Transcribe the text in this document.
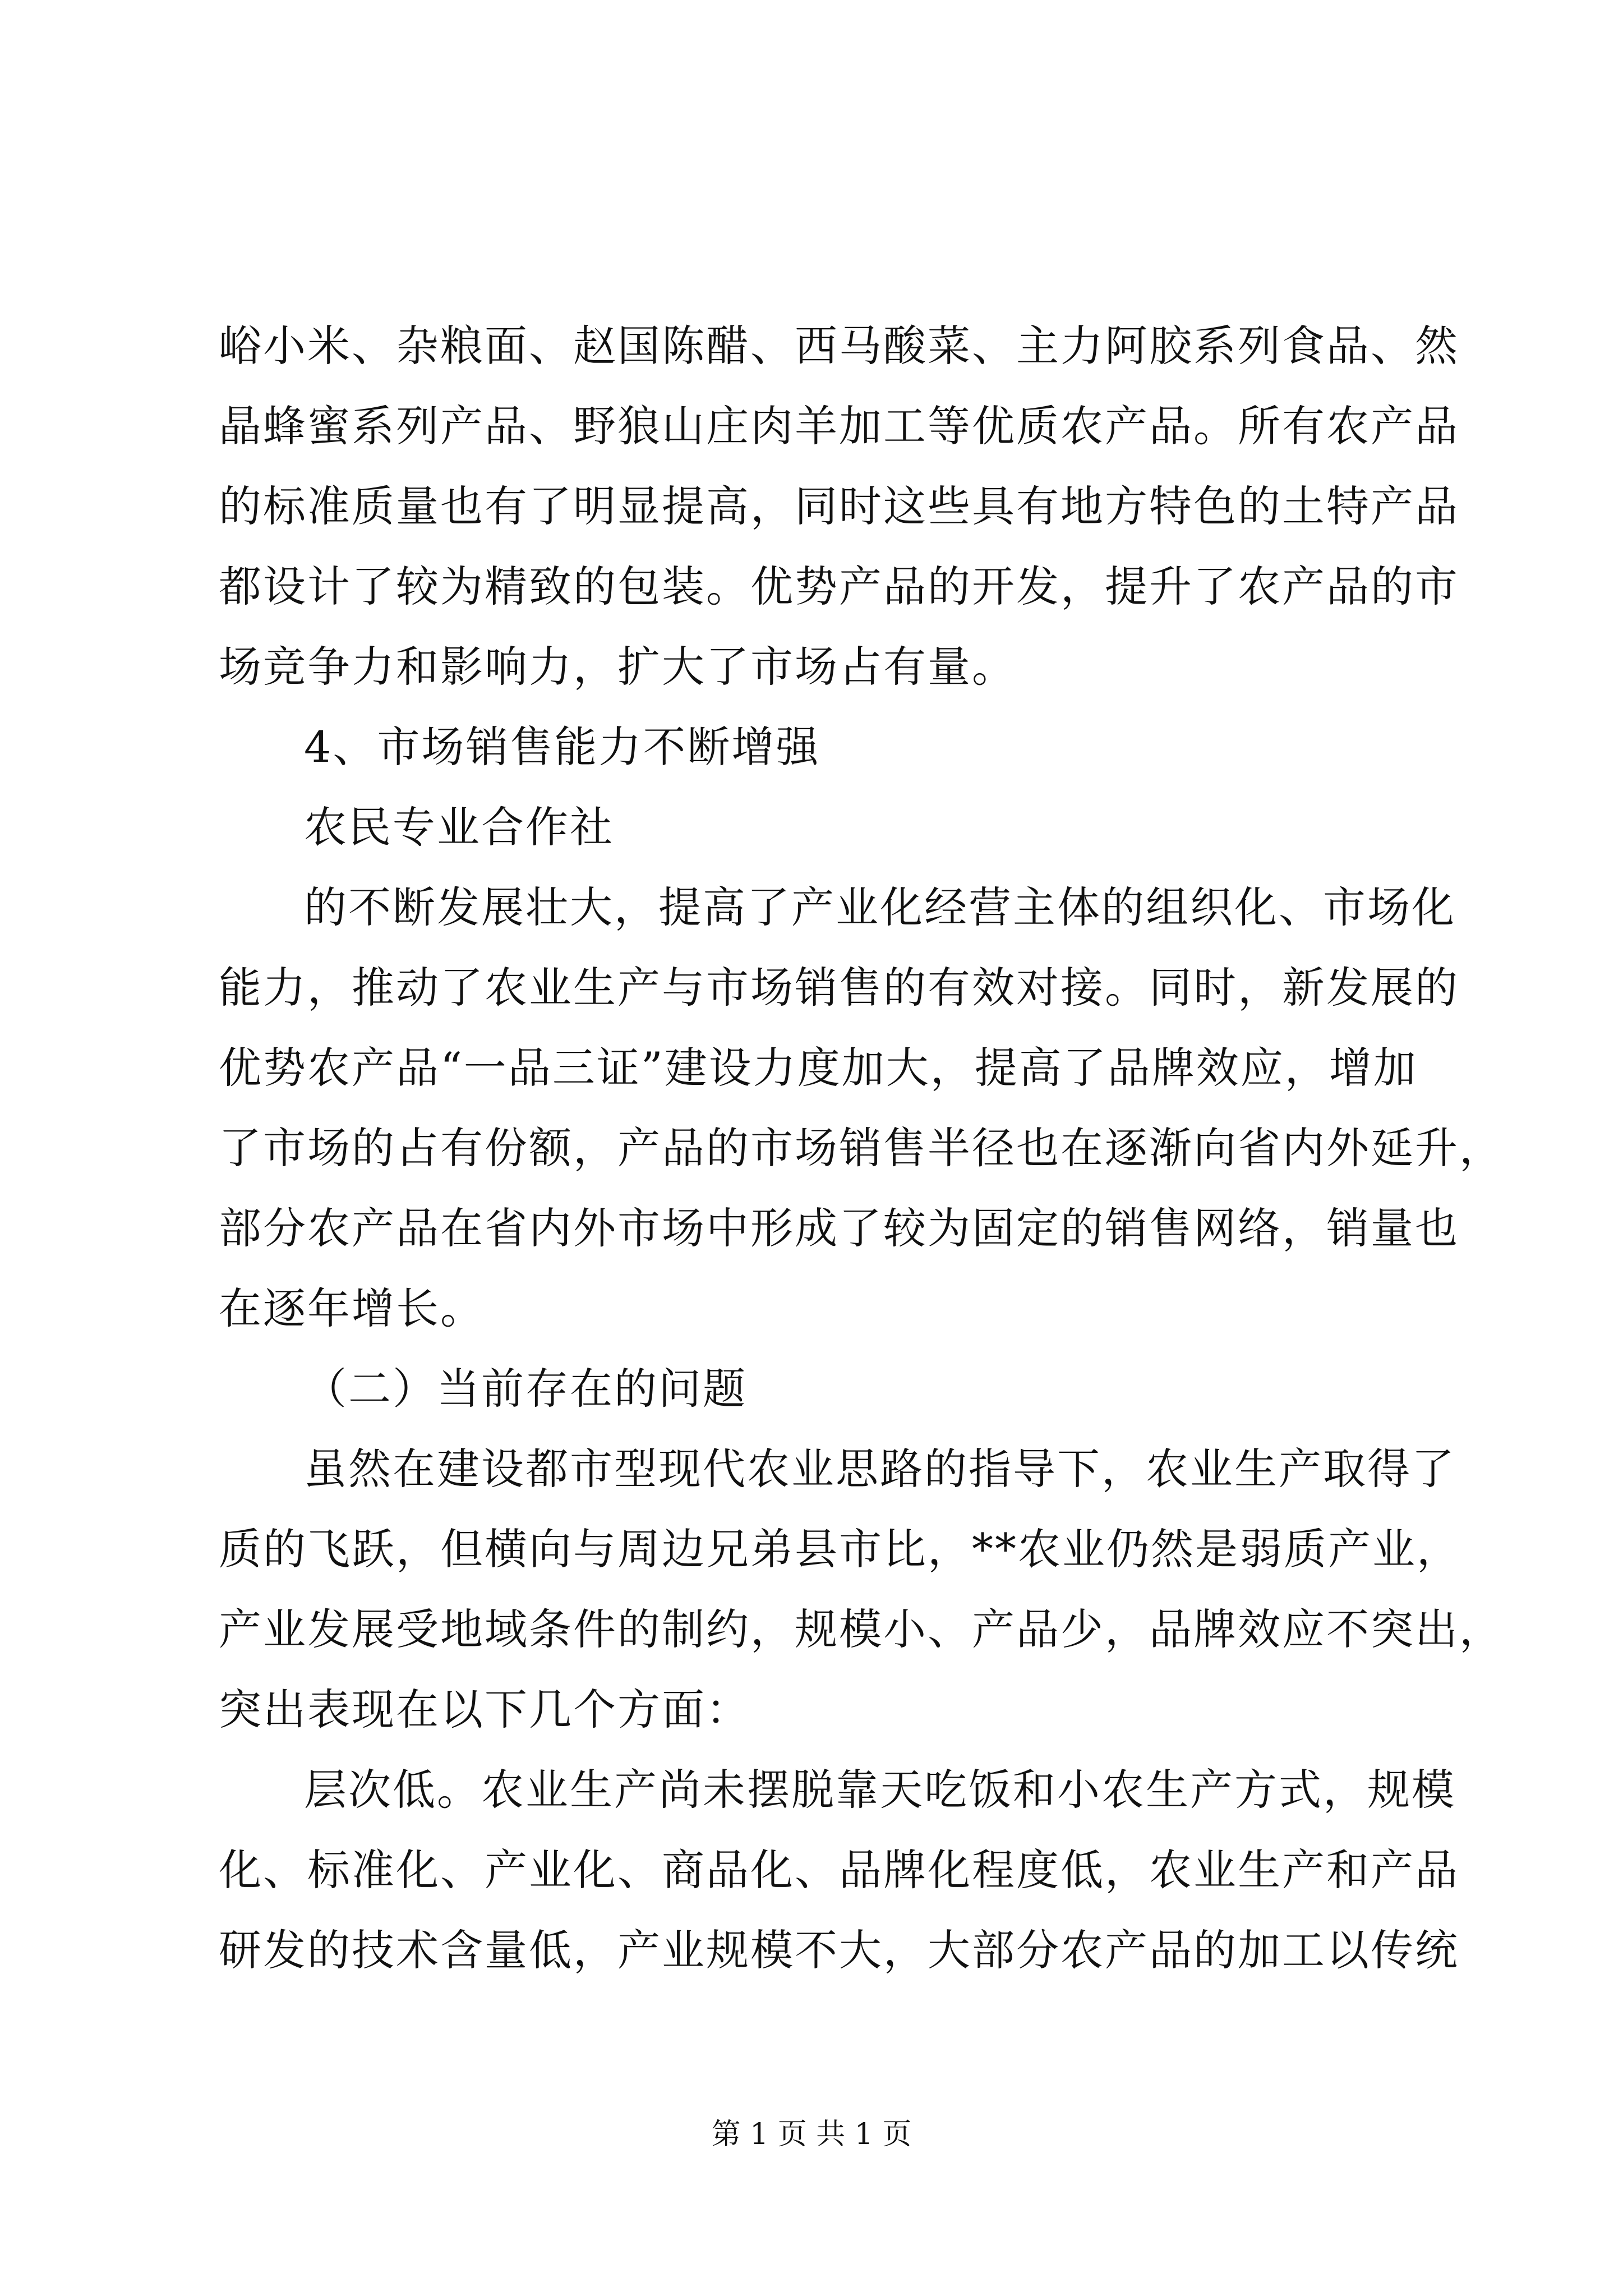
峪小米、杂粮面、赵国陈醋、西马酸菜、主力阿胶系列食品、然
晶蜂蜜系列产品、野狼山庄肉羊加工等优质农产品。所有农产品
的标准质量也有了明显提高，同时这些具有地方特色的土特产品
都设计了较为精致的包装。优势产品的开发，提升了农产品的市
场竞争力和影响力，扩大了市场占有量。
4、市场销售能力不断增强
农民专业合作社
的不断发展壮大，提高了产业化经营主体的组织化、市场化
能力，推动了农业生产与市场销售的有效对接。同时，新发展的
优势农产品“一品三证”建设力度加大，提高了品牌效应，增加
了市场的占有份额，产品的市场销售半径也在逐渐向省内外延升，
部分农产品在省内外市场中形成了较为固定的销售网络，销量也
在逐年增长。
（二）当前存在的问题
虽然在建设都市型现代农业思路的指导下，农业生产取得了
质的飞跃，但横向与周边兄弟县市比，**农业仍然是弱质产业，
产业发展受地域条件的制约，规模小、产品少，品牌效应不突出，
突出表现在以下几个方面：
层次低。农业生产尚未摆脱靠天吃饭和小农生产方式，规模
化、标准化、产业化、商品化、品牌化程度低，农业生产和产品
研发的技术含量低，产业规模不大，大部分农产品的加工以传统
第 1 页 共 1 页
